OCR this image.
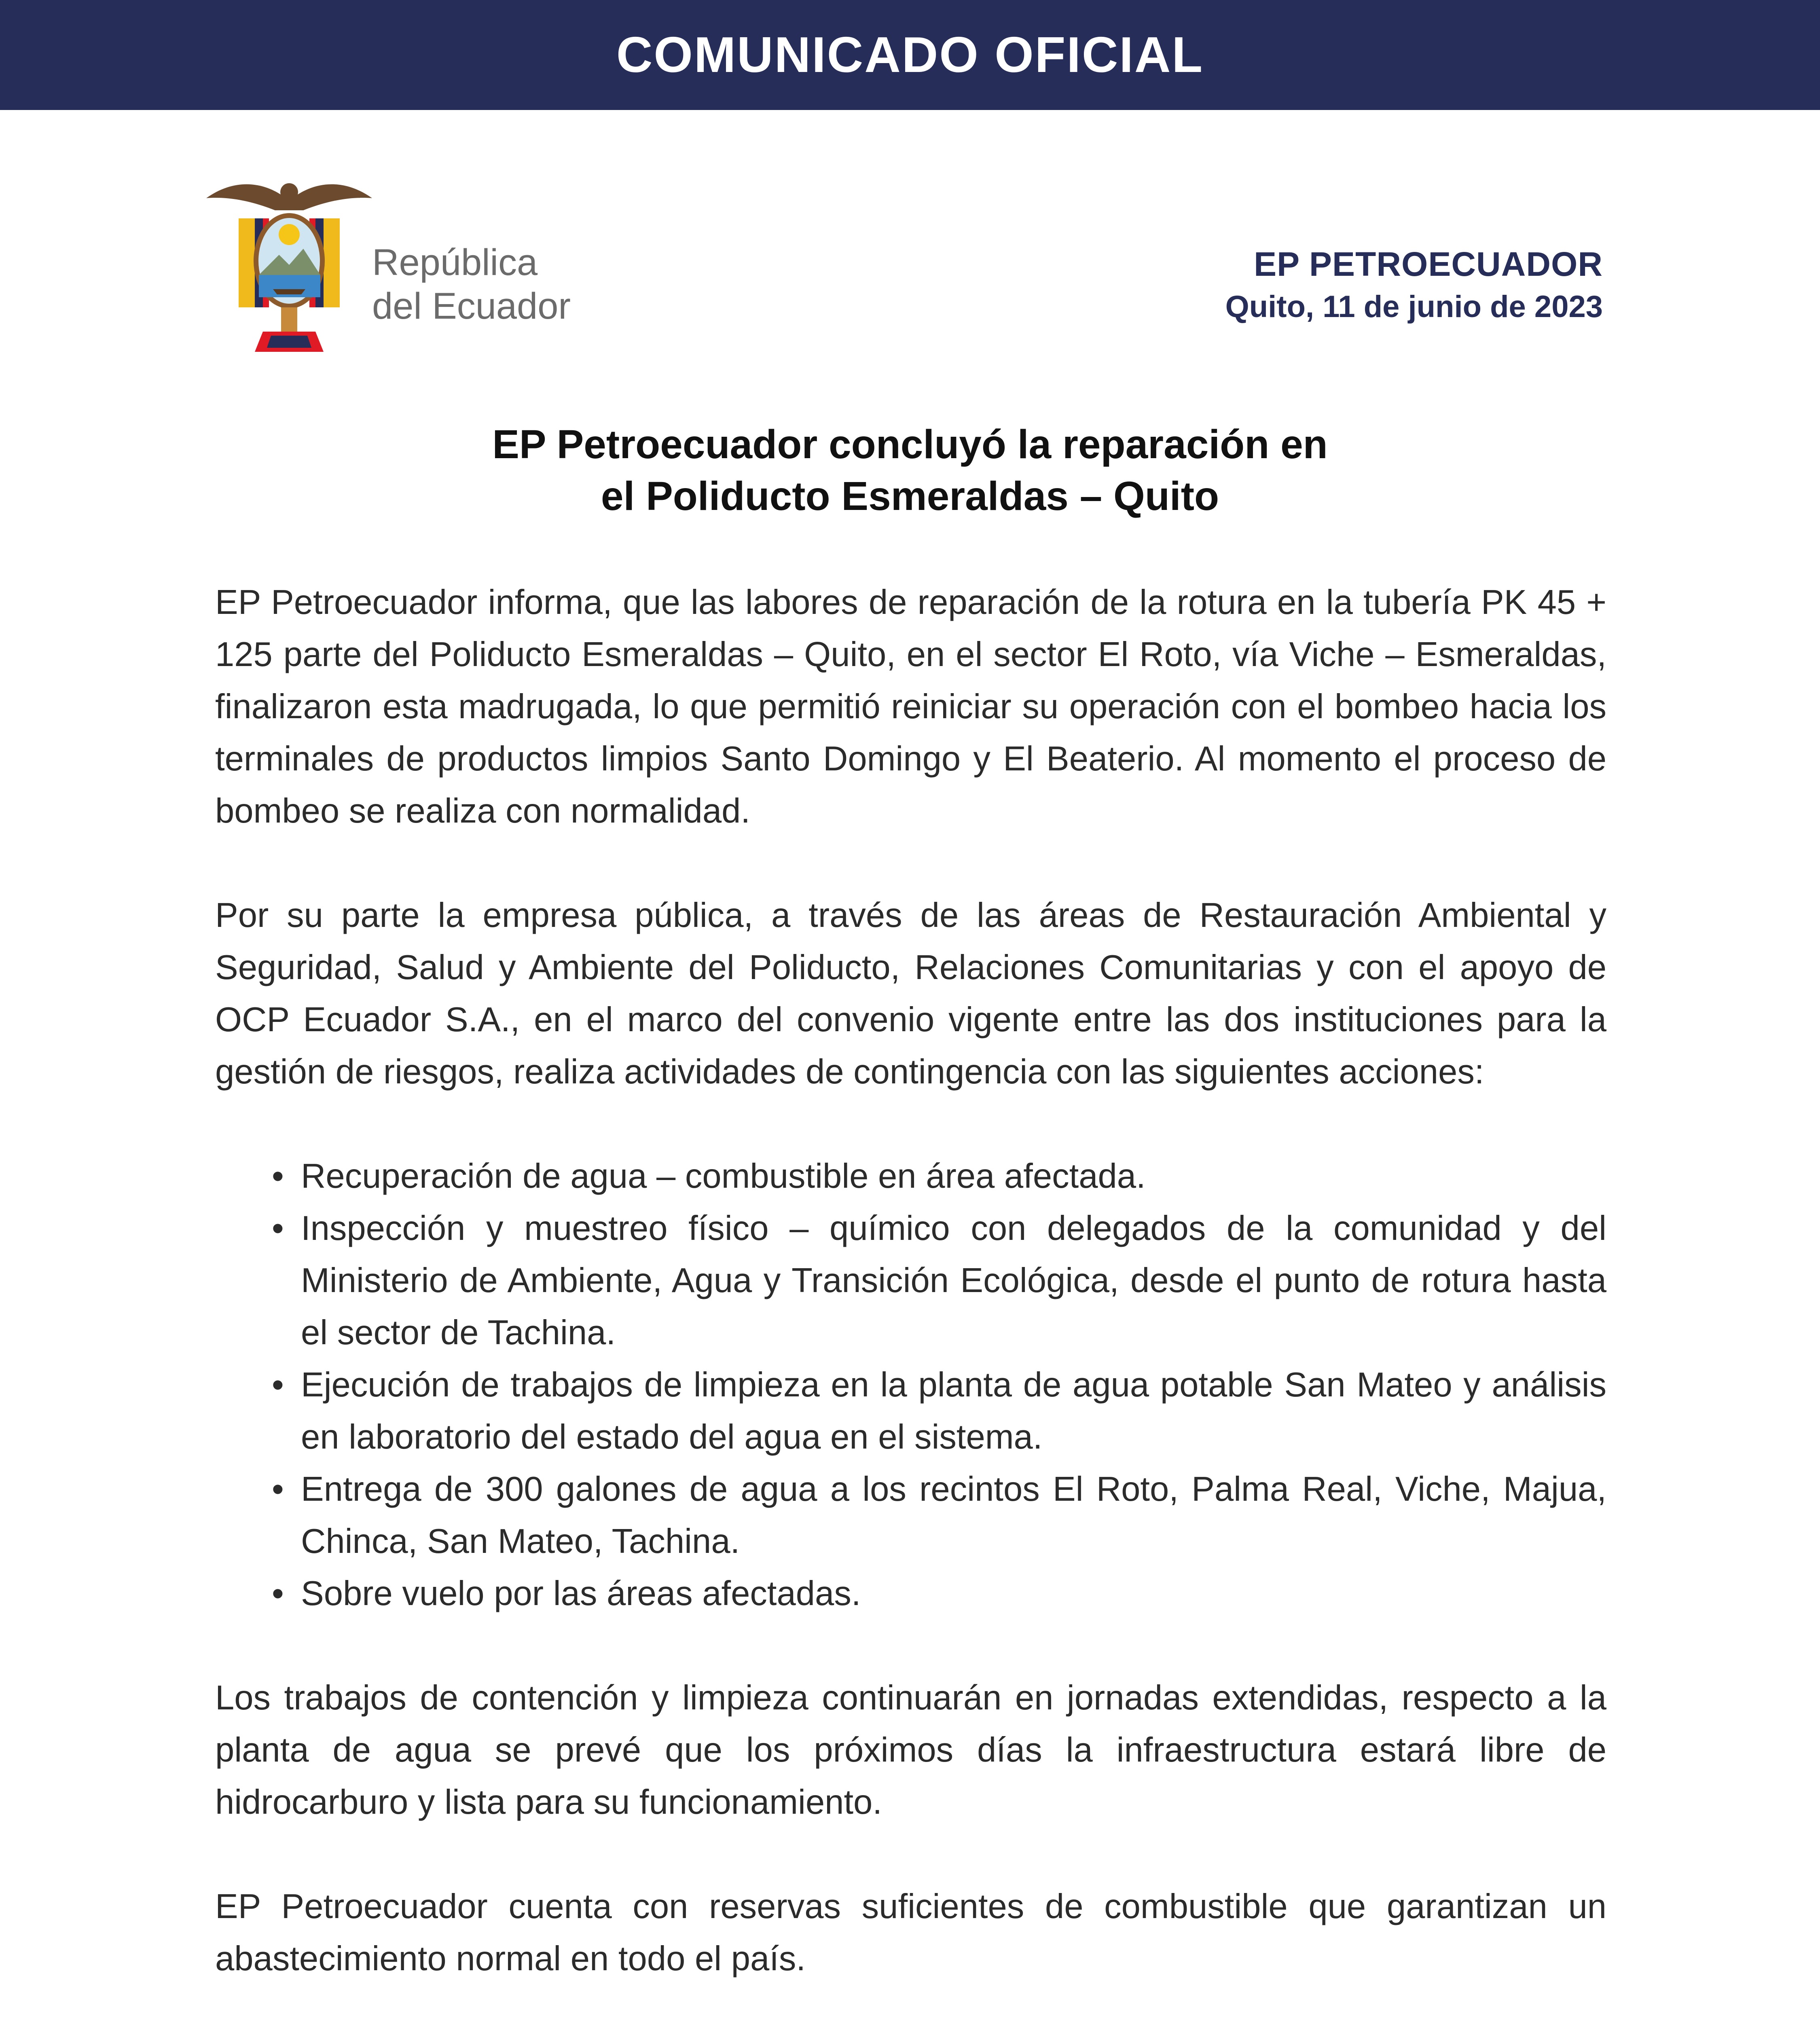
COMUNICADO OFICIAL
República
del Ecuador
EP PETROECUADOR
Quito, 11 de junio de 2023
EP Petroecuador concluyó la reparación en
el Poliducto Esmeraldas – Quito

EP Petroecuador informa, que las labores de reparación de la rotura en la tubería PK 45 + 125 parte del Poliducto Esmeraldas – Quito, en el sector El Roto, vía Viche – Esmeraldas, finalizaron esta madrugada, lo que permitió reiniciar su operación con el bombeo hacia los terminales de productos limpios Santo Domingo y El Beaterio. Al momento el proceso de bombeo se realiza con normalidad.

Por su parte la empresa pública, a través de las áreas de Restauración Ambiental y Seguridad, Salud y Ambiente del Poliducto, Relaciones Comunitarias y con el apoyo de OCP Ecuador S.A., en el marco del convenio vigente entre las dos instituciones para la gestión de riesgos, realiza actividades de contingencia con las siguientes acciones:

• Recuperación de agua – combustible en área afectada.
• Inspección y muestreo físico – químico con delegados de la comunidad y del Ministerio de Ambiente, Agua y Transición Ecológica, desde el punto de rotura hasta el sector de Tachina.
• Ejecución de trabajos de limpieza en la planta de agua potable San Mateo y análisis en laboratorio del estado del agua en el sistema.
• Entrega de 300 galones de agua a los recintos El Roto, Palma Real, Viche, Majua, Chinca, San Mateo, Tachina.
• Sobre vuelo por las áreas afectadas.

Los trabajos de contención y limpieza continuarán en jornadas extendidas, respecto a la planta de agua se prevé que los próximos días la infraestructura estará libre de hidrocarburo y lista para su funcionamiento.

EP Petroecuador cuenta con reservas suficientes de combustible que garantizan un abastecimiento normal en todo el país.
